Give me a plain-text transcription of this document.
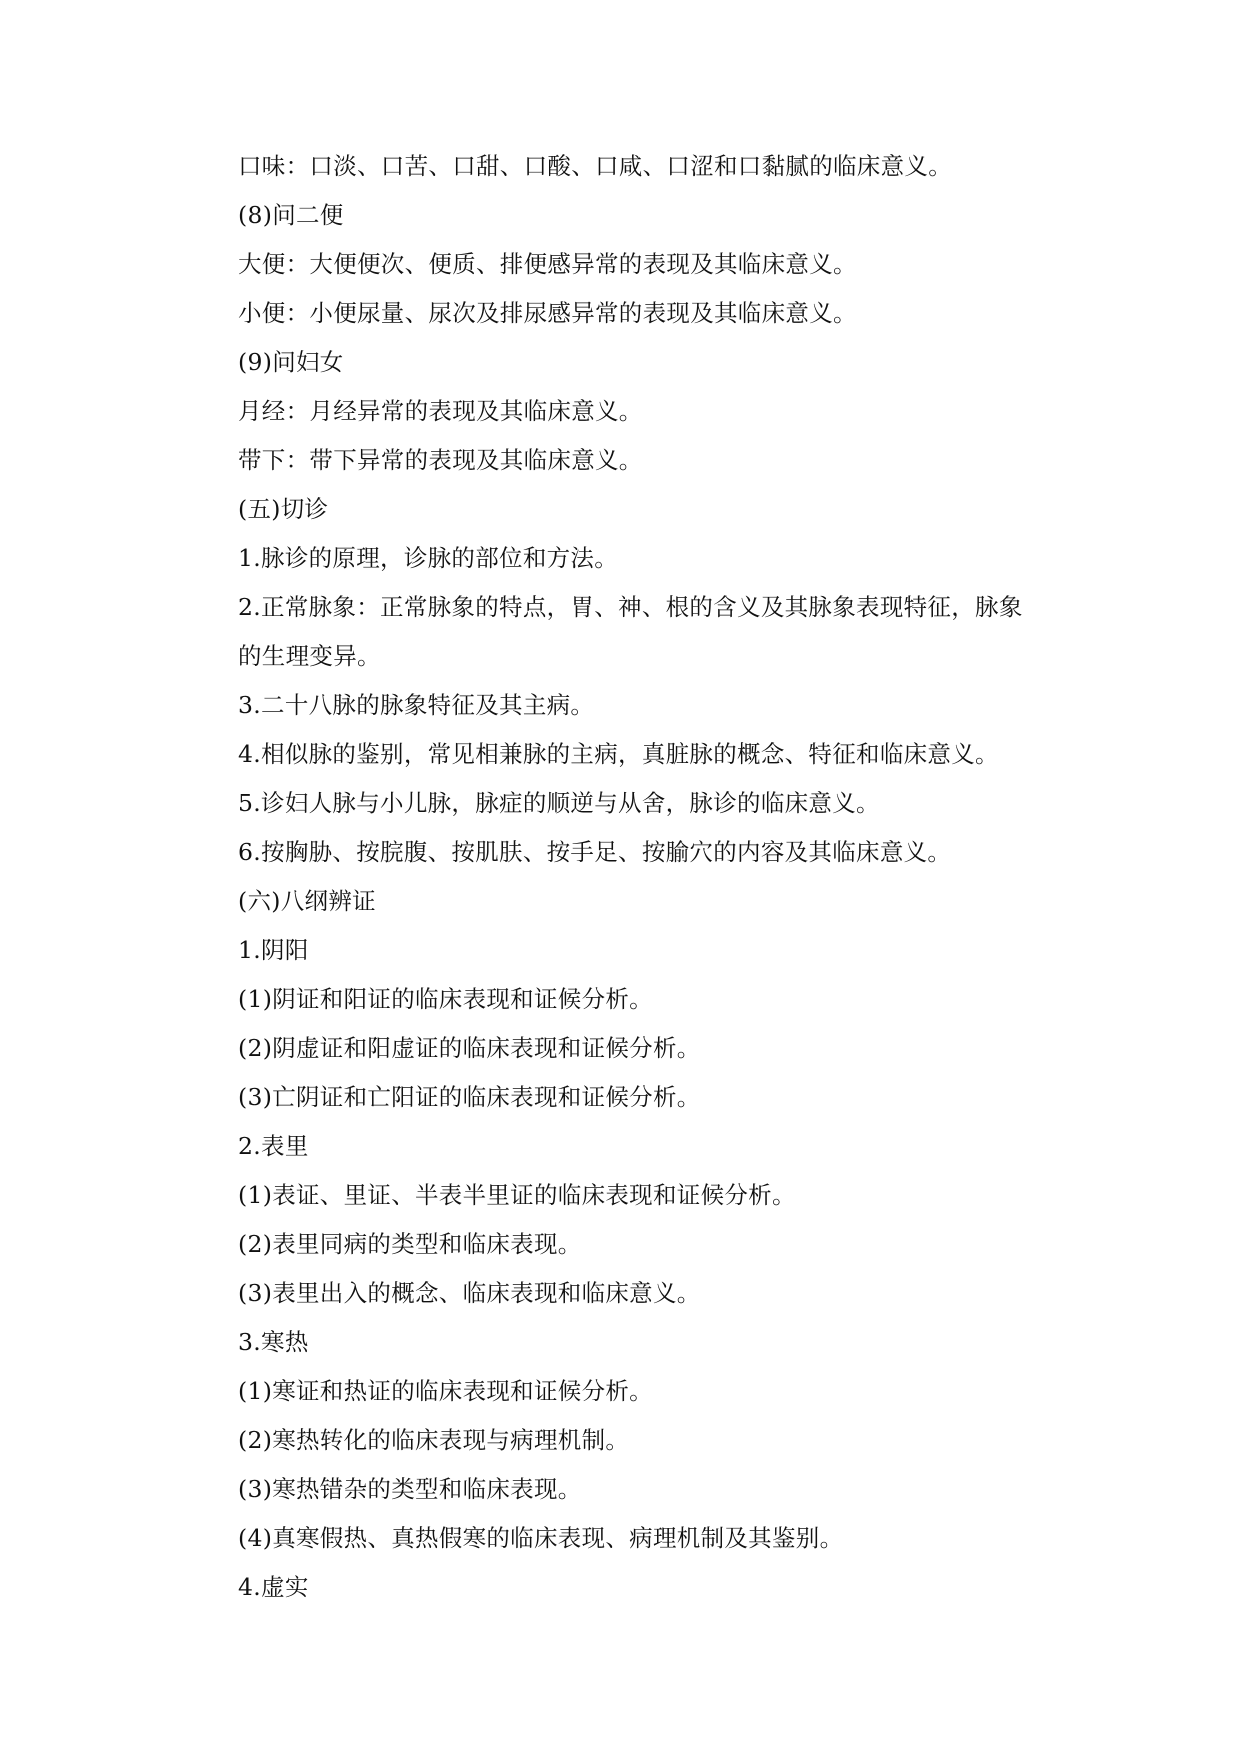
口味：口淡、口苦、口甜、口酸、口咸、口涩和口黏腻的临床意义。
(8)问二便
大便：大便便次、便质、排便感异常的表现及其临床意义。
小便：小便尿量、尿次及排尿感异常的表现及其临床意义。
(9)问妇女
月经：月经异常的表现及其临床意义。
带下：带下异常的表现及其临床意义。
(五)切诊
1.脉诊的原理，诊脉的部位和方法。
2.正常脉象：正常脉象的特点，胃、神、根的含义及其脉象表现特征，脉象
的生理变异。
3.二十八脉的脉象特征及其主病。
4.相似脉的鉴别，常见相兼脉的主病，真脏脉的概念、特征和临床意义。
5.诊妇人脉与小儿脉，脉症的顺逆与从舍，脉诊的临床意义。
6.按胸胁、按脘腹、按肌肤、按手足、按腧穴的内容及其临床意义。
(六)八纲辨证
1.阴阳
(1)阴证和阳证的临床表现和证候分析。
(2)阴虚证和阳虚证的临床表现和证候分析。
(3)亡阴证和亡阳证的临床表现和证候分析。
2.表里
(1)表证、里证、半表半里证的临床表现和证候分析。
(2)表里同病的类型和临床表现。
(3)表里出入的概念、临床表现和临床意义。
3.寒热
(1)寒证和热证的临床表现和证候分析。
(2)寒热转化的临床表现与病理机制。
(3)寒热错杂的类型和临床表现。
(4)真寒假热、真热假寒的临床表现、病理机制及其鉴别。
4.虚实
